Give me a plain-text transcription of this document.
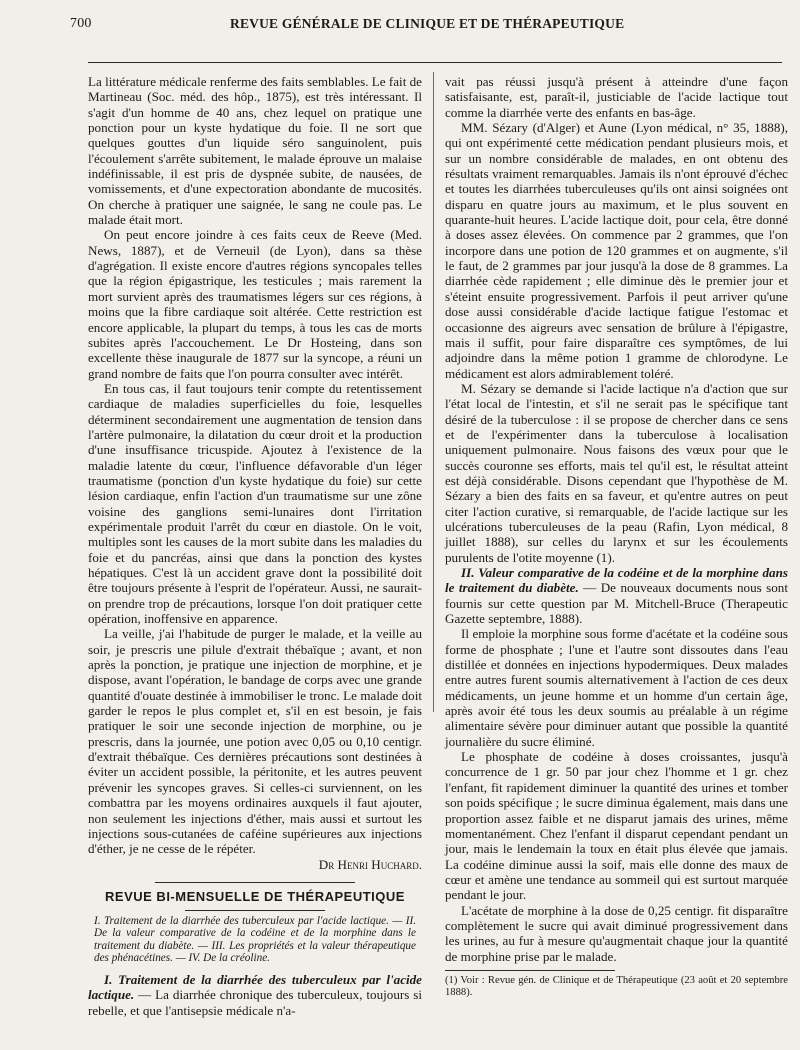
700	REVUE GÉNÉRALE DE CLINIQUE ET DE THÉRAPEUTIQUE

La littérature médicale renferme des faits semblables. Le fait de Martineau (Soc. méd. des hôp., 1875), est très intéressant. Il s'agit d'un homme de 40 ans, chez lequel on pratique une ponction pour un kyste hydatique du foie. Il ne sort que quelques gouttes d'un liquide séro sanguinolent, puis l'écoulement s'arrête subitement, le malade éprouve un malaise indéfinissable, il est pris de dyspnée subite, de nausées, de vomissements, et d'une expectoration abondante de mucosités. On cherche à pratiquer une saignée, le sang ne coule pas. Le malade était mort.

On peut encore joindre à ces faits ceux de Reeve (Med. News, 1887), et de Verneuil (de Lyon), dans sa thèse d'agrégation. Il existe encore d'autres régions syncopales telles que la région épigastrique, les testicules ; mais rarement la mort survient après des traumatismes légers sur ces régions, à moins que la fibre cardiaque soit altérée. Cette restriction est encore applicable, la plupart du temps, à tous les cas de morts subites après l'accouchement. Le Dr Hosteing, dans son excellente thèse inaugurale de 1877 sur la syncope, a réuni un grand nombre de faits que l'on pourra consulter avec intérêt.

En tous cas, il faut toujours tenir compte du retentissement cardiaque de maladies superficielles du foie, lesquelles déterminent secondairement une augmentation de tension dans l'artère pulmonaire, la dilatation du cœur droit et la production d'une insuffisance tricuspide. Ajoutez à l'existence de la maladie latente du cœur, l'influence défavorable d'un léger traumatisme (ponction d'un kyste hydatique du foie) sur cette lésion cardiaque, enfin l'action d'un traumatisme sur une zône voisine des ganglions semi-lunaires dont l'irritation expérimentale produit l'arrêt du cœur en diastole. On le voit, multiples sont les causes de la mort subite dans les maladies du foie et du pancréas, ainsi que dans la ponction des kystes hépatiques. C'est là un accident grave dont la possibilité doit être toujours présente à l'esprit de l'opérateur. Aussi, ne saurait-on prendre trop de précautions, lorsque l'on doit pratiquer cette opération, inoffensive en apparence.

La veille, j'ai l'habitude de purger le malade, et la veille au soir, je prescris une pilule d'extrait thébaïque ; avant, et non après la ponction, je pratique une injection de morphine, et je dispose, avant l'opération, le bandage de corps avec une grande quantité d'ouate destinée à immobiliser le tronc. Le malade doit garder le repos le plus complet et, s'il en est besoin, je fais pratiquer le soir une seconde injection de morphine, ou je prescris, dans la journée, une potion avec 0,05 ou 0,10 centigr. d'extrait thébaïque. Ces dernières précautions sont destinées à éviter un accident possible, la péritonite, et les autres peuvent prévenir les syncopes graves. Si celles-ci surviennent, on les combattra par les moyens ordinaires auxquels il faut ajouter, non seulement les injections d'éther, mais aussi et surtout les injections sous-cutanées de caféine supérieures aux injections d'éther, je ne cesse de le répéter.

Dr Henri Huchard.

REVUE BI-MENSUELLE DE THÉRAPEUTIQUE

I. Traitement de la diarrhée des tuberculeux par l'acide lactique. — II. De la valeur comparative de la codéine et de la morphine dans le traitement du diabète. — III. Les propriétés et la valeur thérapeutique des phénacétines. — IV. De la créoline.

I. Traitement de la diarrhée des tuberculeux par l'acide lactique. — La diarrhée chronique des tuberculeux, toujours si rebelle, et que l'antisepsie médicale n'a-

vait pas réussi jusqu'à présent à atteindre d'une façon satisfaisante, est, paraît-il, justiciable de l'acide lactique tout comme la diarrhée verte des enfants en bas-âge.

MM. Sézary (d'Alger) et Aune (Lyon médical, n° 35, 1888), qui ont expérimenté cette médication pendant plusieurs mois, et sur un nombre considérable de malades, en ont obtenu des résultats vraiment remarquables. Jamais ils n'ont éprouvé d'échec et toutes les diarrhées tuberculeuses qu'ils ont ainsi soignées ont disparu en quatre jours au maximum, et le plus souvent en quarante-huit heures. L'acide lactique doit, pour cela, être donné à doses assez élevées. On commence par 2 grammes, que l'on incorpore dans une potion de 120 grammes et on augmente, s'il le faut, de 2 grammes par jour jusqu'à la dose de 8 grammes. La diarrhée cède rapidement ; elle diminue dès le premier jour et s'éteint ensuite progressivement. Parfois il peut arriver qu'une dose aussi considérable d'acide lactique fatigue l'estomac et occasionne des aigreurs avec sensation de brûlure à l'épigastre, mais il suffit, pour faire disparaître ces symptômes, de lui adjoindre dans la même potion 1 gramme de chlorodyne. Le médicament est alors admirablement toléré.

M. Sézary se demande si l'acide lactique n'a d'action que sur l'état local de l'intestin, et s'il ne serait pas le spécifique tant désiré de la tuberculose : il se propose de chercher dans ce sens et de l'expérimenter dans la tuberculose à localisation uniquement pulmonaire. Nous faisons des vœux pour que le succès couronne ses efforts, mais tel qu'il est, le résultat atteint est déjà considérable. Disons cependant que l'hypothèse de M. Sézary a bien des faits en sa faveur, et qu'entre autres on peut citer l'action curative, si remarquable, de l'acide lactique sur les ulcérations tuberculeuses de la peau (Rafin, Lyon médical, 8 juillet 1888), sur celles du larynx et sur les écoulements purulents de l'otite moyenne (1).

II. Valeur comparative de la codéine et de la morphine dans le traitement du diabète. — De nouveaux documents nous sont fournis sur cette question par M. Mitchell-Bruce (Therapeutic Gazette septembre, 1888).

Il emploie la morphine sous forme d'acétate et la codéine sous forme de phosphate ; l'une et l'autre sont dissoutes dans l'eau distillée et données en injections hypodermiques. Deux malades entre autres furent soumis alternativement à l'action de ces deux médicaments, un jeune homme et un homme d'un certain âge, après avoir été tous les deux soumis au préalable à un régime alimentaire sévère pour diminuer autant que possible la quantité journalière du sucre éliminé.

Le phosphate de codéine à doses croissantes, jusqu'à concurrence de 1 gr. 50 par jour chez l'homme et 1 gr. chez l'enfant, fit rapidement diminuer la quantité des urines et tomber son poids spécifique ; le sucre diminua également, mais dans une proportion assez faible et ne disparut jamais des urines, même momentanément. Chez l'enfant il disparut cependant pendant un jour, mais le lendemain la toux en était plus élevée que jamais. La codéine diminue aussi la soif, mais elle donne des maux de cœur et amène une tendance au sommeil qui est surtout marquée pendant le jour.

L'acétate de morphine à la dose de 0,25 centigr. fit disparaître complètement le sucre qui avait diminué progressivement dans les urines, au fur à mesure qu'augmentait chaque jour la quantité de morphine prise par le malade.

(1) Voir : Revue gén. de Clinique et de Thérapeutique (23 août et 20 septembre 1888).
